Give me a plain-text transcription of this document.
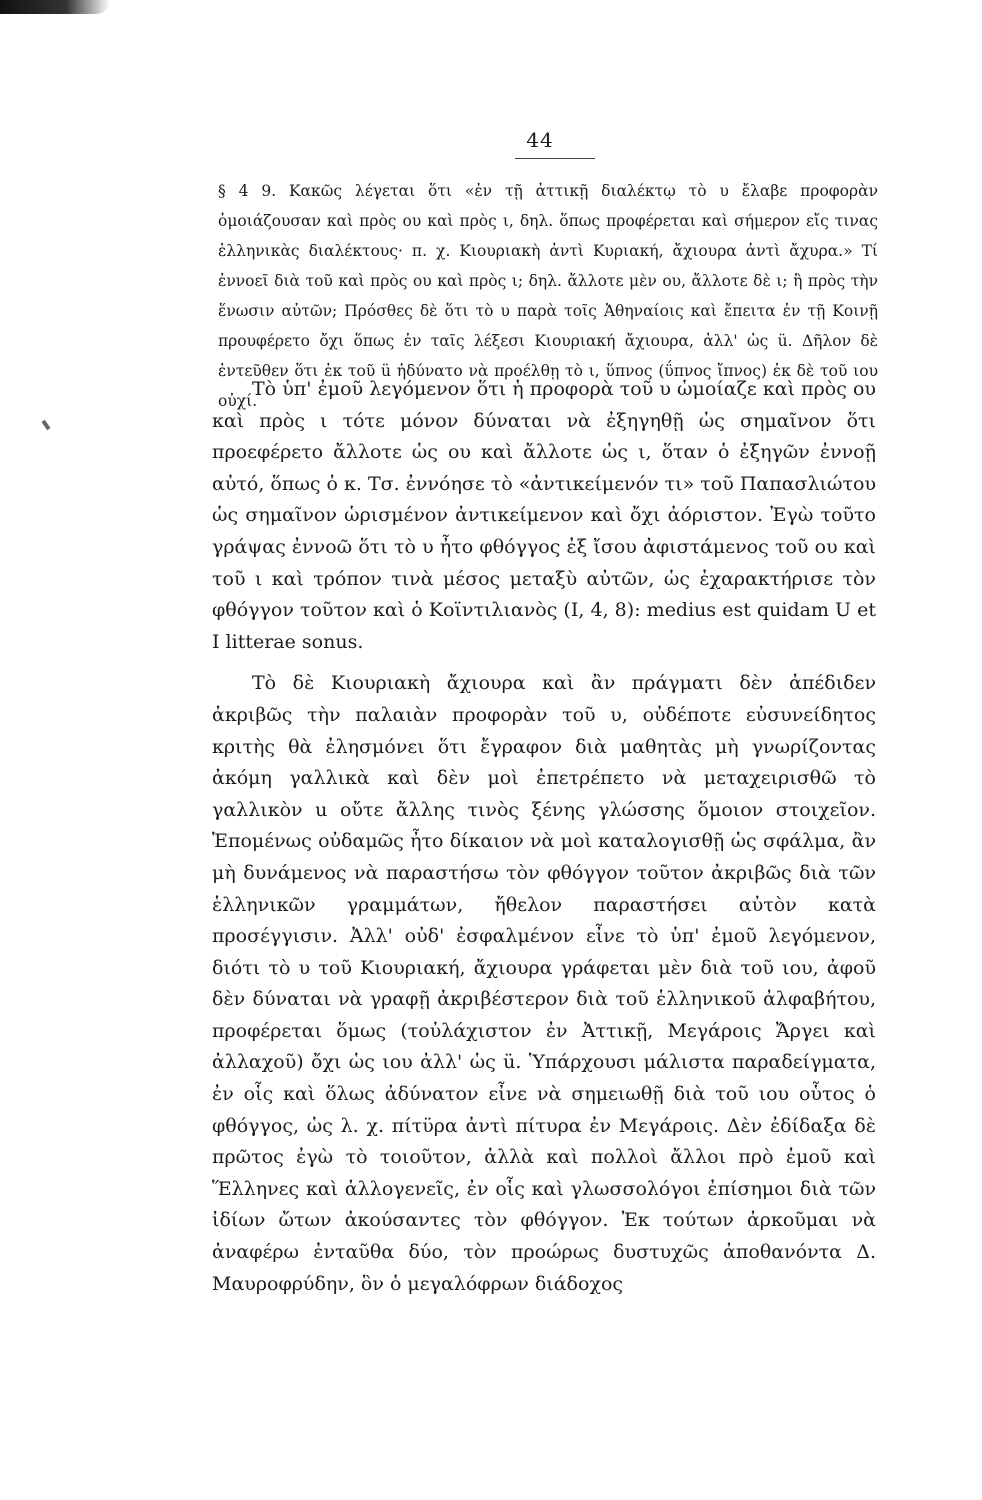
44

§ 4 9. Κακῶς λέγεται ὅτι «ἐν τῇ ἀττικῇ διαλέκτῳ τὸ υ ἔλαβε προφορὰν ὁμοιάζουσαν καὶ πρὸς ου καὶ πρὸς ι, δηλ. ὅπως προφέρεται καὶ σήμερον εἴς τινας ἑλληνικὰς διαλέκτους· π. χ. Κιουριακὴ ἀντὶ Κυριακή, ἄχιουρα ἀντὶ ἄχυρα.» Τί ἐννοεῖ διὰ τοῦ καὶ πρὸς ου καὶ πρὸς ι; δηλ. ἄλλοτε μὲν ου, ἄλλοτε δὲ ι; ἢ πρὸς τὴν ἕνωσιν αὐτῶν; Πρόσθες δὲ ὅτι τὸ υ παρὰ τοῖς Ἀθηναίοις καὶ ἔπειτα ἐν τῇ Κοινῇ προυφέρετο ὄχι ὅπως ἐν ταῖς λέξεσι Κιουριακή ἄχιουρα, ἀλλ' ὡς ü. Δῆλον δὲ ἐντεῦθεν ὅτι ἐκ τοῦ ü ἠδύνατο νὰ προέλθῃ τὸ ι, ὕπνος (ΰπνος ἴπνος) ἐκ δὲ τοῦ ιου οὐχί.

Τὸ ὑπ' ἐμοῦ λεγόμενον ὅτι ἡ προφορὰ τοῦ υ ὡμοίαζε καὶ πρὸς ου καὶ πρὸς ι τότε μόνον δύναται νὰ ἐξηγηθῇ ὡς σημαῖνον ὅτι προεφέρετο ἄλλοτε ὡς ου καὶ ἄλλοτε ὡς ι, ὅταν ὁ ἐξηγῶν ἐννοῇ αὐτό, ὅπως ὁ κ. Τσ. ἐννόησε τὸ «ἀντικείμενόν τι» τοῦ Παπασλιώτου ὡς σημαῖνον ὡρισμένον ἀντικείμενον καὶ ὄχι ἀόριστον. Ἐγὼ τοῦτο γράψας ἐννοῶ ὅτι τὸ υ ἦτο φθόγγος ἐξ ἴσου ἀφιστάμενος τοῦ ου καὶ τοῦ ι καὶ τρόπον τινὰ μέσος μεταξὺ αὐτῶν, ὡς ἐχαρακτήρισε τὸν φθόγγον τοῦτον καὶ ὁ Κοϊντιλιανὸς (I, 4, 8): medius est quidam U et I litterae sonus.

Τὸ δὲ Κιουριακὴ ἄχιουρα καὶ ἂν πράγματι δὲν ἀπέδιδεν ἀκριβῶς τὴν παλαιὰν προφορὰν τοῦ υ, οὐδέποτε εὐσυνείδητος κριτὴς θὰ ἐλησμόνει ὅτι ἔγραφον διὰ μαθητὰς μὴ γνωρίζοντας ἀκόμη γαλλικὰ καὶ δὲν μοὶ ἐπετρέπετο νὰ μεταχειρισθῶ τὸ γαλλικὸν u οὔτε ἄλλης τινὸς ξένης γλώσσης ὅμοιον στοιχεῖον. Ἑπομένως οὐδαμῶς ἦτο δίκαιον νὰ μοὶ καταλογισθῇ ὡς σφάλμα, ἂν μὴ δυνάμενος νὰ παραστήσω τὸν φθόγγον τοῦτον ἀκριβῶς διὰ τῶν ἑλληνικῶν γραμμάτων, ἤθελον παραστήσει αὐτὸν κατὰ προσέγγισιν. Ἀλλ' οὐδ' ἐσφαλμένον εἶνε τὸ ὑπ' ἐμοῦ λεγόμενον, διότι τὸ υ τοῦ Κιουριακή, ἄχιουρα γράφεται μὲν διὰ τοῦ ιου, ἀφοῦ δὲν δύναται νὰ γραφῇ ἀκριβέστερον διὰ τοῦ ἑλληνικοῦ ἀλφαβήτου, προφέρεται ὅμως (τοὐλάχιστον ἐν Ἀττικῇ, Μεγάροις Ἄργει καὶ ἀλλαχοῦ) ὄχι ὡς ιου ἀλλ' ὡς ü. Ὑπάρχουσι μάλιστα παραδείγματα, ἐν οἷς καὶ ὅλως ἀδύνατον εἶνε νὰ σημειωθῇ διὰ τοῦ ιου οὗτος ὁ φθόγγος, ὡς λ. χ. πίτϋρα ἀντὶ πίτυρα ἐν Μεγάροις. Δὲν ἐδίδαξα δὲ πρῶτος ἐγὼ τὸ τοιοῦτον, ἀλλὰ καὶ πολλοὶ ἄλλοι πρὸ ἐμοῦ καὶ Ἕλληνες καὶ ἀλλογενεῖς, ἐν οἷς καὶ γλωσσολόγοι ἐπίσημοι διὰ τῶν ἰδίων ὤτων ἀκούσαντες τὸν φθόγγον. Ἐκ τούτων ἀρκοῦμαι νὰ ἀναφέρω ἐνταῦθα δύο, τὸν προώρως δυστυχῶς ἀποθανόντα Δ. Μαυροφρύδην, ὃν ὁ μεγαλόφρων διάδοχος
